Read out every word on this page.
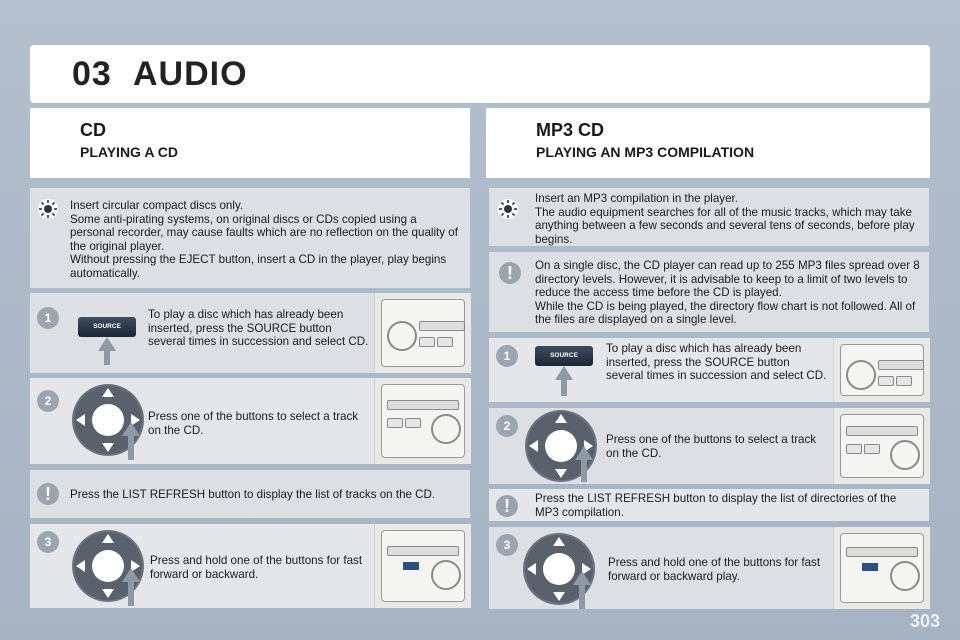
03 AUDIO
CD
PLAYING A CD
MP3 CD
PLAYING AN MP3 COMPILATION

Insert circular compact discs only.

Some anti-pirating systems, on original discs or CDs copied using a personal recorder, may cause faults which are no reflection on the quality of the original player.

Without pressing the EJECT button, insert a CD in the player, play begins automatically.

1
SOURCE
To play a disc which has already been inserted, press the SOURCE button several times in succession and select CD.
2
Press one of the buttons to select a track on the CD.
!	Press the LIST REFRESH button to display the list of tracks on the CD.
3
Press and hold one of the buttons for fast forward or backward.

Insert an MP3 compilation in the player.

The audio equipment searches for all of the music tracks, which may take anything between a few seconds and several tens of seconds, before play begins.

!	On a single disc, the CD player can read up to 255 MP3 files spread over 8 directory levels. However, it is advisable to keep to a limit of two levels to reduce the access time before the CD is played.

While the CD is being played, the directory flow chart is not followed. All of the files are displayed on a single level.

1	SOURCE
To play a disc which has already been inserted, press the SOURCE button several times in succession and select CD.
2
Press one of the buttons to select a track on the CD.
!	Press the LIST REFRESH button to display the list of directories of the MP3 compilation.
3
Press and hold one of the buttons for fast forward or backward play.
303
